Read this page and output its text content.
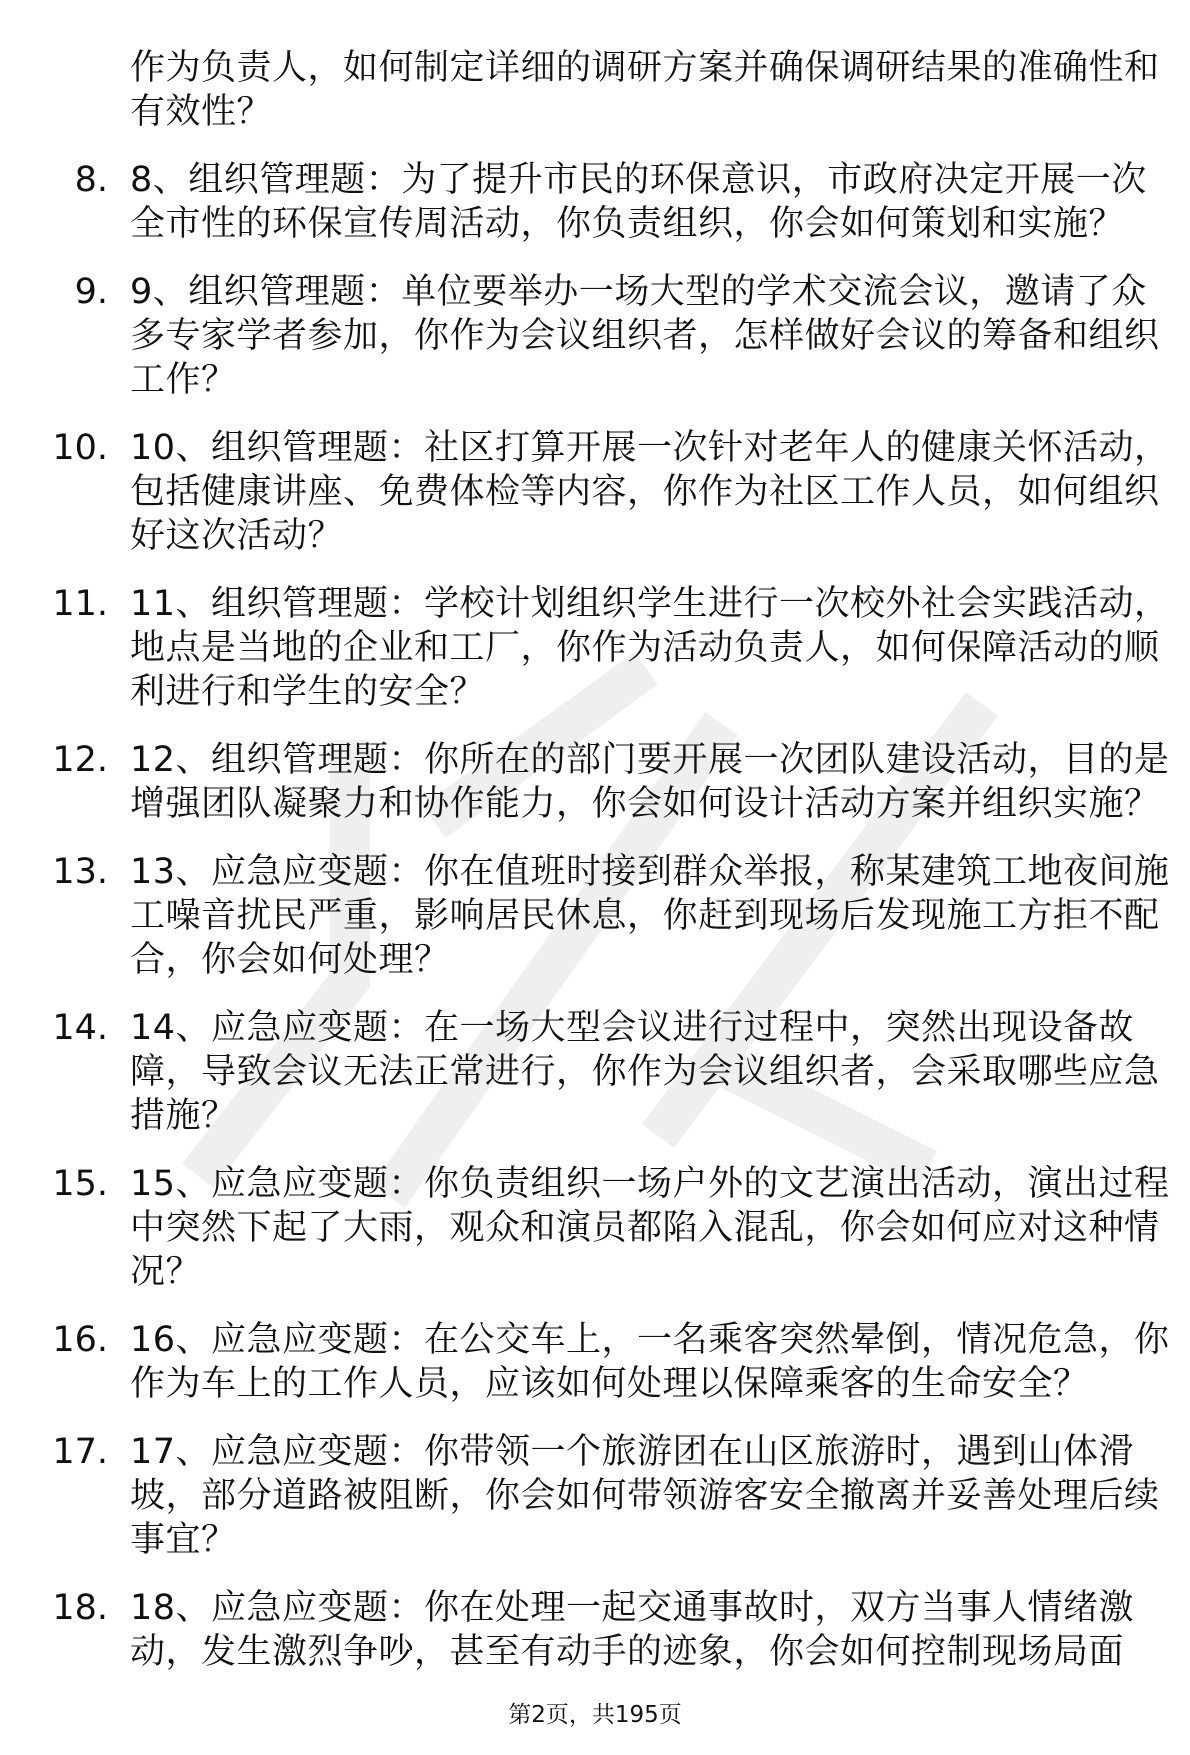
作为负责人，如何制定详细的调研方案并确保调研结果的准确性和有效性？

8. 8、组织管理题：为了提升市民的环保意识，市政府决定开展一次全市性的环保宣传周活动，你负责组织，你会如何策划和实施？
9. 9、组织管理题：单位要举办一场大型的学术交流会议，邀请了众多专家学者参加，你作为会议组织者，怎样做好会议的筹备和组织工作？
10. 10、组织管理题：社区打算开展一次针对老年人的健康关怀活动，包括健康讲座、免费体检等内容，你作为社区工作人员，如何组织好这次活动？
11. 11、组织管理题：学校计划组织学生进行一次校外社会实践活动，地点是当地的企业和工厂，你作为活动负责人，如何保障活动的顺利进行和学生的安全？
12. 12、组织管理题：你所在的部门要开展一次团队建设活动，目的是增强团队凝聚力和协作能力，你会如何设计活动方案并组织实施？
13. 13、应急应变题：你在值班时接到群众举报，称某建筑工地夜间施工噪音扰民严重，影响居民休息，你赶到现场后发现施工方拒不配合，你会如何处理？
14. 14、应急应变题：在一场大型会议进行过程中，突然出现设备故障，导致会议无法正常进行，你作为会议组织者，会采取哪些应急措施？
15. 15、应急应变题：你负责组织一场户外的文艺演出活动，演出过程中突然下起了大雨，观众和演员都陷入混乱，你会如何应对这种情况？
16. 16、应急应变题：在公交车上，一名乘客突然晕倒，情况危急，你作为车上的工作人员，应该如何处理以保障乘客的生命安全？
17. 17、应急应变题：你带领一个旅游团在山区旅游时，遇到山体滑坡，部分道路被阻断，你会如何带领游客安全撤离并妥善处理后续事宜？
18. 18、应急应变题：你在处理一起交通事故时，双方当事人情绪激动，发生激烈争吵，甚至有动手的迹象，你会如何控制现场局面
第2页，共195页
